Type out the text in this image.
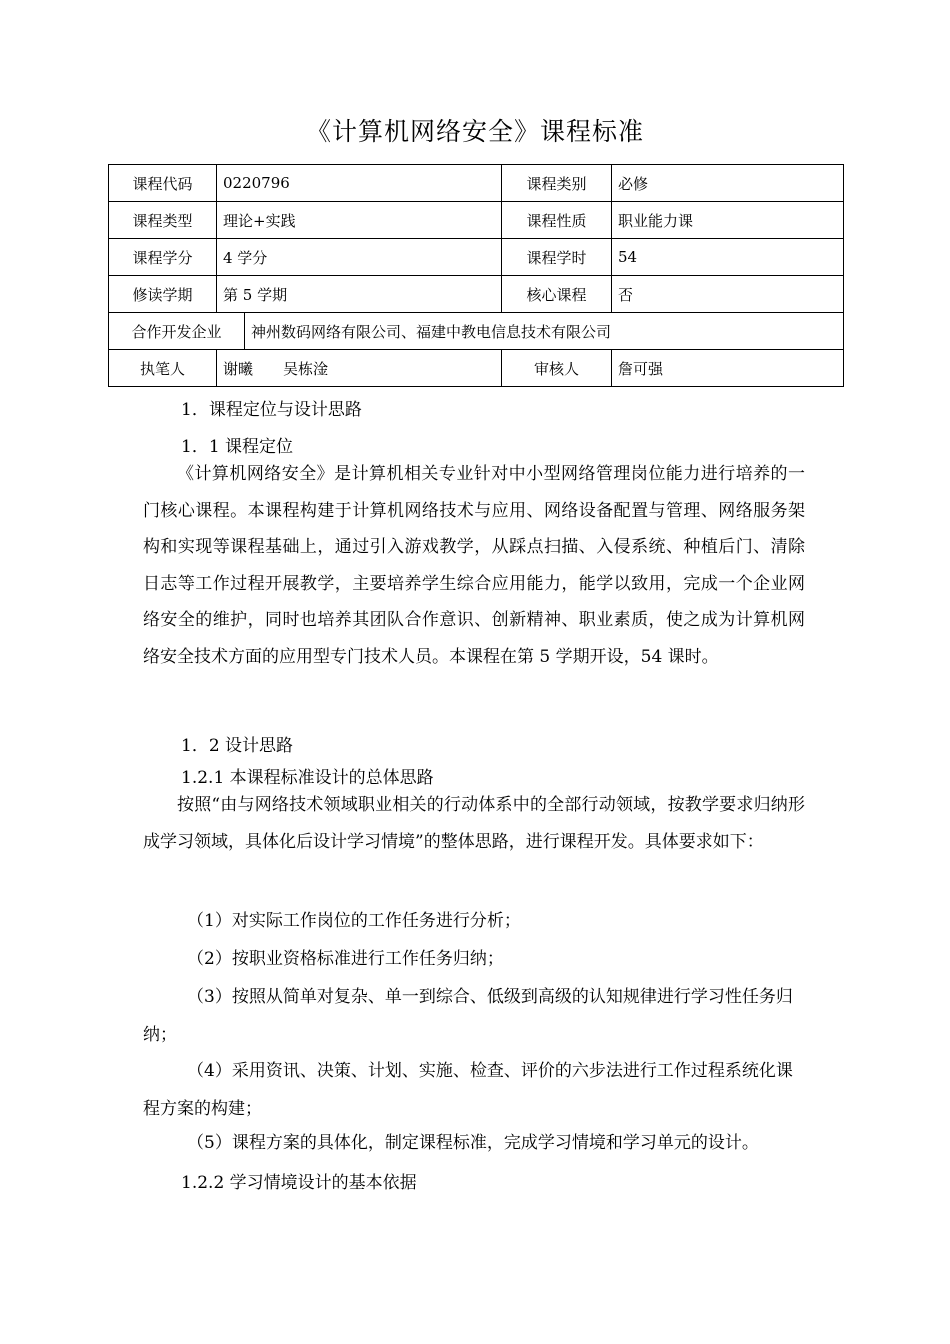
《计算机网络安全》课程标准
课程代码	0220796		课程类别	必修
课程类型	理论+实践		课程性质	职业能力课
课程学分	4 学分		课程学时	54
修读学期	第 5 学期		核心课程	否
合作开发企业		神州数码网络有限公司、福建中教电信息技术有限公司		
执笔人	谢曦　　吴栋淦		审核人	詹可强
1．课程定位与设计思路
1．1 课程定位
《计算机网络安全》是计算机相关专业针对中小型网络管理岗位能力进行培养的一门核心课程。本课程构建于计算机网络技术与应用、网络设备配置与管理、网络服务架构和实现等课程基础上，通过引入游戏教学，从踩点扫描、入侵系统、种植后门、清除日志等工作过程开展教学，主要培养学生综合应用能力，能学以致用，完成一个企业网络安全的维护，同时也培养其团队合作意识、创新精神、职业素质，使之成为计算机网络安全技术方面的应用型专门技术人员。本课程在第 5 学期开设，54 课时。
1．2 设计思路
1.2.1 本课程标准设计的总体思路
按照“由与网络技术领域职业相关的行动体系中的全部行动领域，按教学要求归纳形成学习领域，具体化后设计学习情境”的整体思路，进行课程开发。具体要求如下：
（1）对实际工作岗位的工作任务进行分析；
（2）按职业资格标准进行工作任务归纳；
（3）按照从简单对复杂、单一到综合、低级到高级的认知规律进行学习性任务归纳；
（4）采用资讯、决策、计划、实施、检查、评价的六步法进行工作过程系统化课程方案的构建；
（5）课程方案的具体化，制定课程标准，完成学习情境和学习单元的设计。
1.2.2 学习情境设计的基本依据
